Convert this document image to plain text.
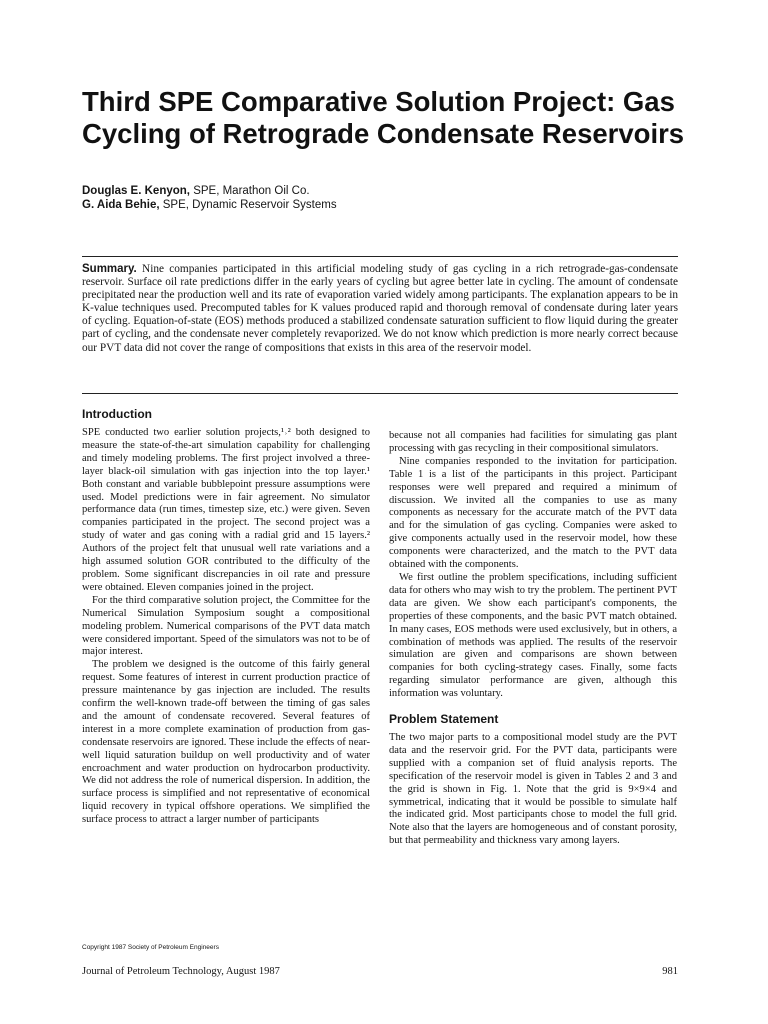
Third SPE Comparative Solution Project: Gas Cycling of Retrograde Condensate Reservoirs
Douglas E. Kenyon, SPE, Marathon Oil Co.
G. Aida Behie, SPE, Dynamic Reservoir Systems

Summary. Nine companies participated in this artificial modeling study of gas cycling in a rich retrograde-gas-condensate reservoir. Surface oil rate predictions differ in the early years of cycling but agree better late in cycling. The amount of condensate precipitated near the production well and its rate of evaporation varied widely among participants. The explanation appears to be in K-value techniques used. Precomputed tables for K values produced rapid and thorough removal of condensate during later years of cycling. Equation-of-state (EOS) methods produced a stabilized condensate saturation sufficient to flow liquid during the greater part of cycling, and the condensate never completely revaporized. We do not know which prediction is more nearly correct because our PVT data did not cover the range of compositions that exists in this area of the reservoir model.

Introduction

SPE conducted two earlier solution projects,¹˒² both designed to measure the state-of-the-art simulation capability for challenging and timely modeling problems. The first project involved a three-layer black-oil simulation with gas injection into the top layer.¹ Both constant and variable bubblepoint pressure assumptions were used. Model predictions were in fair agreement. No simulator performance data (run times, timestep size, etc.) were given. Seven companies participated in the project. The second project was a study of water and gas coning with a radial grid and 15 layers.² Authors of the project felt that unusual well rate variations and a high assumed solution GOR contributed to the difficulty of the problem. Some significant discrepancies in oil rate and pressure were obtained. Eleven companies joined in the project.

For the third comparative solution project, the Committee for the Numerical Simulation Symposium sought a compositional modeling problem. Numerical comparisons of the PVT data match were considered important. Speed of the simulators was not to be of major interest.

The problem we designed is the outcome of this fairly general request. Some features of interest in current production practice of pressure maintenance by gas injection are included. The results confirm the well-known trade-off between the timing of gas sales and the amount of condensate recovered. Several features of interest in a more complete examination of production from gas-condensate reservoirs are ignored. These include the effects of near-well liquid saturation buildup on well productivity and of water encroachment and water production on hydrocarbon productivity. We did not address the role of numerical dispersion. In addition, the surface process is simplified and not representative of economical liquid recovery in typical offshore operations. We simplified the surface process to attract a larger number of participants

because not all companies had facilities for simulating gas plant processing with gas recycling in their compositional simulators.

Nine companies responded to the invitation for participation. Table 1 is a list of the participants in this project. Participant responses were well prepared and required a minimum of discussion. We invited all the companies to use as many components as necessary for the accurate match of the PVT data and for the simulation of gas cycling. Companies were asked to give components actually used in the reservoir model, how these components were characterized, and the match to the PVT data obtained with the components.

We first outline the problem specifications, including sufficient data for others who may wish to try the problem. The pertinent PVT data are given. We show each participant's components, the properties of these components, and the basic PVT match obtained. In many cases, EOS methods were used exclusively, but in others, a combination of methods was applied. The results of the reservoir simulation are given and comparisons are shown between companies for both cycling-strategy cases. Finally, some facts regarding simulator performance are given, although this information was voluntary.

Problem Statement

The two major parts to a compositional model study are the PVT data and the reservoir grid. For the PVT data, participants were supplied with a companion set of fluid analysis reports. The specification of the reservoir model is given in Tables 2 and 3 and the grid is shown in Fig. 1. Note that the grid is 9×9×4 and symmetrical, indicating that it would be possible to simulate half the indicated grid. Most participants chose to model the full grid. Note also that the layers are homogeneous and of constant porosity, but that permeability and thickness vary among layers.

Copyright 1987 Society of Petroleum Engineers
Journal of Petroleum Technology, August 1987	981
